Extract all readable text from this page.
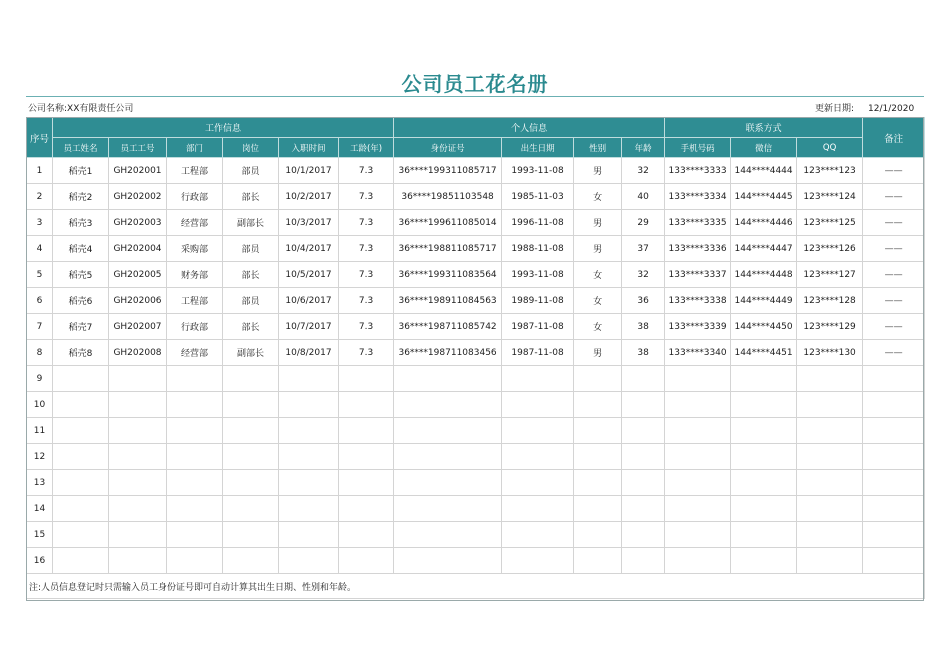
公司员工花名册
公司名称:XX有限责任公司	更新日期: 12/1/2020
序号	工作信息						个人信息				联系方式			备注
	员工姓名	员工工号	部门	岗位	入职时间	工龄(年)	身份证号	出生日期	性别	年龄	手机号码	微信	QQ	
1	稻壳1	GH202001	工程部	部员	10/1/2017	7.3	36****199311085717	1993-11-08	男	32	133****3333	144****4444	123****123	——
2	稻壳2	GH202002	行政部	部长	10/2/2017	7.3	36****19851103548	1985-11-03	女	40	133****3334	144****4445	123****124	——
3	稻壳3	GH202003	经营部	副部长	10/3/2017	7.3	36****199611085014	1996-11-08	男	29	133****3335	144****4446	123****125	——
4	稻壳4	GH202004	采购部	部员	10/4/2017	7.3	36****198811085717	1988-11-08	男	37	133****3336	144****4447	123****126	——
5	稻壳5	GH202005	财务部	部长	10/5/2017	7.3	36****199311083564	1993-11-08	女	32	133****3337	144****4448	123****127	——
6	稻壳6	GH202006	工程部	部员	10/6/2017	7.3	36****198911084563	1989-11-08	女	36	133****3338	144****4449	123****128	——
7	稻壳7	GH202007	行政部	部长	10/7/2017	7.3	36****198711085742	1987-11-08	女	38	133****3339	144****4450	123****129	——
8	稻壳8	GH202008	经营部	副部长	10/8/2017	7.3	36****198711083456	1987-11-08	男	38	133****3340	144****4451	123****130	——
9														
10														
11														
12														
13														
14														
15														
16														
注:人员信息登记时只需输入员工身份证号即可自动计算其出生日期、性别和年龄。														
